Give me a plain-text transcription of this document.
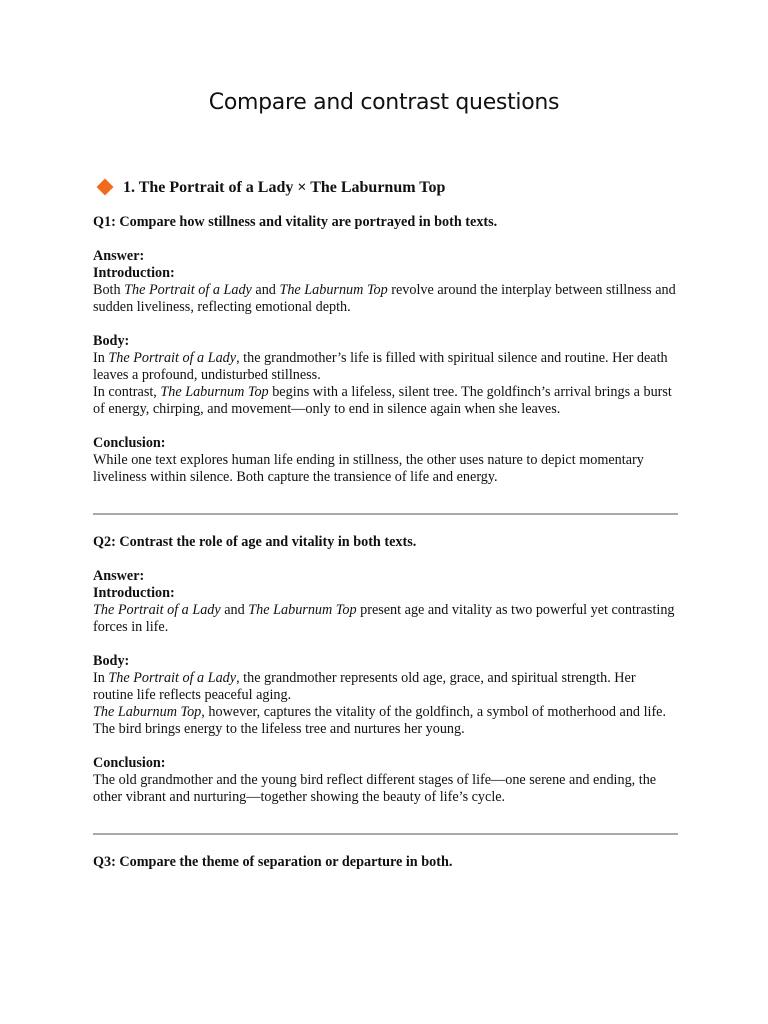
Compare and contrast questions
1. The Portrait of a Lady × The Laburnum Top

Q1: Compare how stillness and vitality are portrayed in both texts.

Answer:
Introduction:

Both The Portrait of a Lady and The Laburnum Top revolve around the interplay between stillness and sudden liveliness, reflecting emotional depth.

Body:

In The Portrait of a Lady, the grandmother’s life is filled with spiritual silence and routine. Her death leaves a profound, undisturbed stillness.

In contrast, The Laburnum Top begins with a lifeless, silent tree. The goldfinch’s arrival brings a burst of energy, chirping, and movement—only to end in silence again when she leaves.

Conclusion:

While one text explores human life ending in stillness, the other uses nature to depict momentary liveliness within silence. Both capture the transience of life and energy.

Q2: Contrast the role of age and vitality in both texts.

Answer:
Introduction:

The Portrait of a Lady and The Laburnum Top present age and vitality as two powerful yet contrasting forces in life.

Body:

In The Portrait of a Lady, the grandmother represents old age, grace, and spiritual strength. Her routine life reflects peaceful aging.

The Laburnum Top, however, captures the vitality of the goldfinch, a symbol of motherhood and life. The bird brings energy to the lifeless tree and nurtures her young.

Conclusion:

The old grandmother and the young bird reflect different stages of life—one serene and ending, the other vibrant and nurturing—together showing the beauty of life’s cycle.

Q3: Compare the theme of separation or departure in both.
